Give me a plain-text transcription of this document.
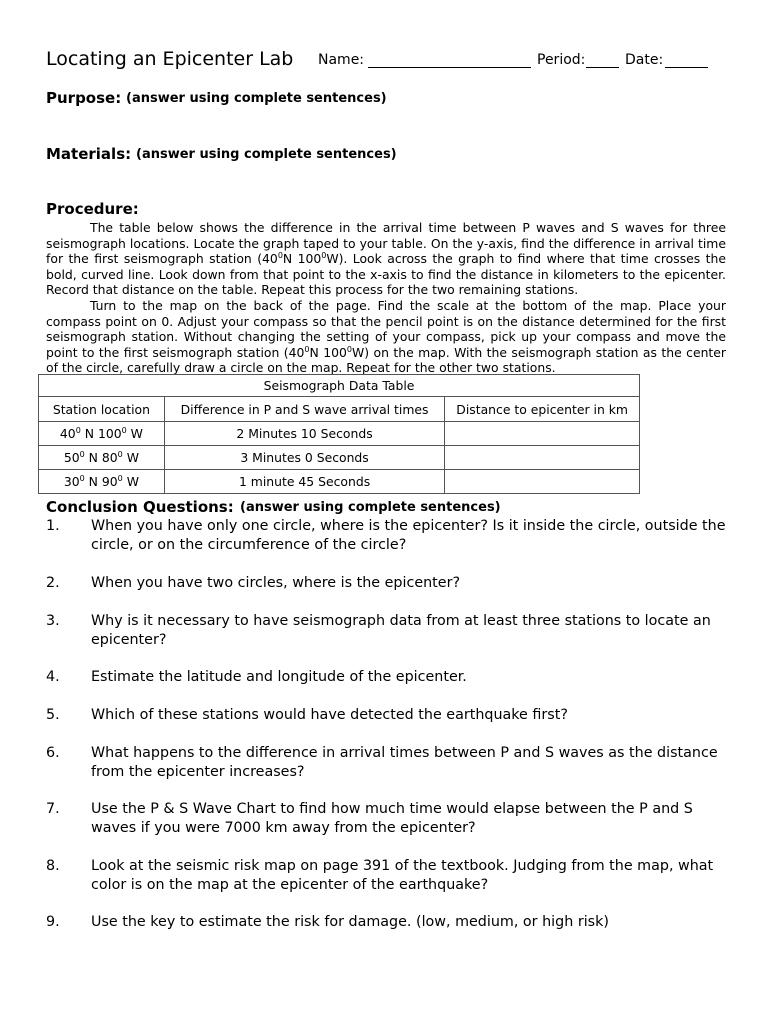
Locating an Epicenter Lab Name:	Period:	Date:
Purpose: (answer using complete sentences)
Materials: (answer using complete sentences)
Procedure:

The table below shows the difference in the arrival time between P waves and S waves for three seismograph locations. Locate the graph taped to your table. On the y-axis, find the difference in arrival time for the first seismograph station ($40^0N$ $100^0W$). Look across the graph to find where that time crosses the bold, curved line. Look down from that point to the x-axis to find the distance in kilometers to the epicenter. Record that distance on the table. Repeat this process for the two remaining stations.

Turn to the map on the back of the page. Find the scale at the bottom of the map. Place your compass point on 0. Adjust your compass so that the pencil point is on the distance determined for the first seismograph station. Without changing the setting of your compass, pick up your compass and move the point to the first seismograph station ($40^0N$ $100^0W$) on the map. With the seismograph station as the center of the circle, carefully draw a circle on the map. Repeat for the other two stations.

Seismograph Data Table
Station location	Difference in P and S wave arrival times	Distance to epicenter in km
$40^0$ N $100^0$ W	2 Minutes 10 Seconds	
$50^0$ N $80^0$ W	3 Minutes 0 Seconds	
$30^0$ N $90^0$ W	1 minute 45 Seconds	
Conclusion Questions: (answer using complete sentences)
1. When you have only one circle, where is the epicenter? Is it inside the circle, outside the circle, or on the circumference of the circle?
2. When you have two circles, where is the epicenter?
3. Why is it necessary to have seismograph data from at least three stations to locate an epicenter?
4. Estimate the latitude and longitude of the epicenter.
5. Which of these stations would have detected the earthquake first?
6. What happens to the difference in arrival times between P and S waves as the distance from the epicenter increases?
7. Use the P & S Wave Chart to find how much time would elapse between the P and S waves if you were 7000 km away from the epicenter?
8. Look at the seismic risk map on page 391 of the textbook. Judging from the map, what color is on the map at the epicenter of the earthquake?
9. Use the key to estimate the risk for damage. (low, medium, or high risk)
